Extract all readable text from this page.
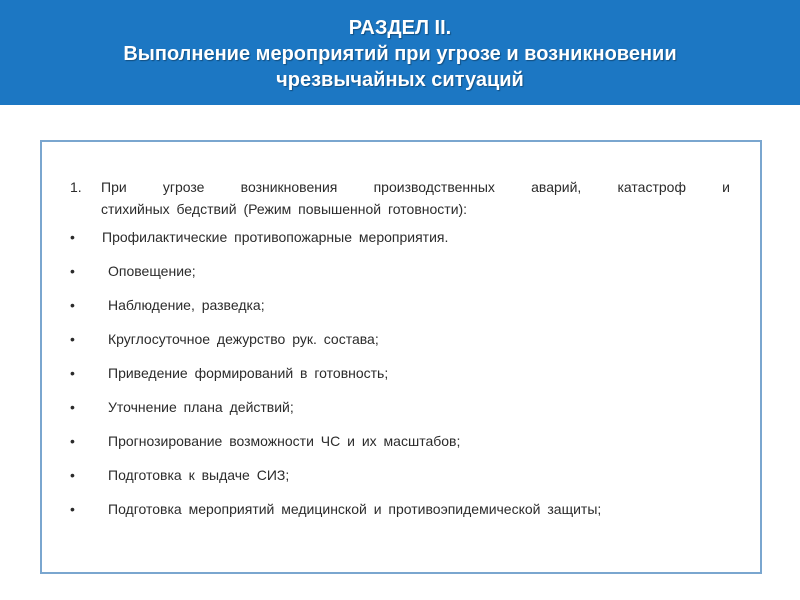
РАЗДЕЛ II.
Выполнение мероприятий при угрозе и возникновении
чрезвычайных ситуаций
1.	При угрозе возникновения производственных аварий, катастроф и
стихийных бедствий (Режим повышенной готовности):
•	Профилактические противопожарные мероприятия.
•	Оповещение;
•	Наблюдение, разведка;
•	Круглосуточное дежурство рук. состава;
•	Приведение формирований в готовность;
•	Уточнение плана действий;
•	Прогнозирование возможности ЧС и их масштабов;
•	Подготовка к выдаче СИЗ;
•	Подготовка мероприятий медицинской и противоэпидемической защиты;
